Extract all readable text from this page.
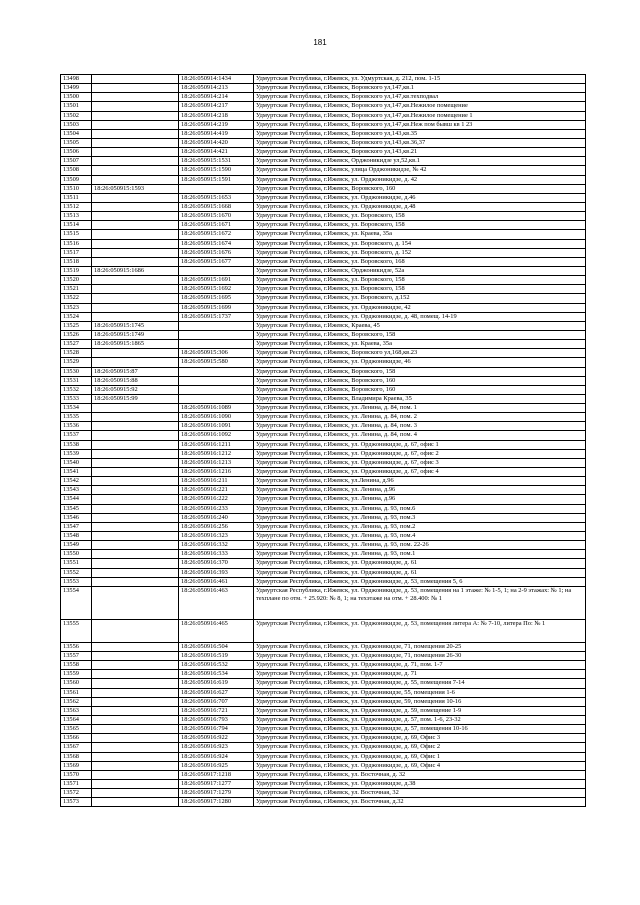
181
13498		18:26:050914:1434	Удмуртская Республика, г.Ижевск, ул. Удмуртская, д. 212, пом. 1-15
13499		18:26:050914:213	Удмуртская Республика, г.Ижевск, Воровского ул,147,кв.1
13500		18:26:050914:214	Удмуртская Республика, г.Ижевск, Воровского ул,147,кв.техподвал
13501		18:26:050914:217	Удмуртская Республика, г.Ижевск, Воровского ул,147,кв.Нежилое помещение
13502		18:26:050914:218	Удмуртская Республика, г.Ижевск, Воровского ул,147,кв.Нежилое помещение 1
13503		18:26:050914:219	Удмуртская Республика, г.Ижевск, Воровского ул,147,кв.Неж пом бывш кв 1 23
13504		18:26:050914:419	Удмуртская Республика, г.Ижевск, Воровского ул,143,кв.35
13505		18:26:050914:420	Удмуртская Республика, г.Ижевск, Воровского ул,143,кв.36,37
13506		18:26:050914:421	Удмуртская Республика, г.Ижевск, Воровского ул,143,кв.21
13507		18:26:050915:1531	Удмуртская Республика, г.Ижевск, Орджоникидзе ул,52,кв.1
13508		18:26:050915:1590	Удмуртская Республика, г.Ижевск, улица Орджоникидзе, № 42
13509		18:26:050915:1591	Удмуртская Республика, г.Ижевск, ул. Орджоникидзе, д. 42
13510	18:26:050915:1593		Удмуртская Республика, г.Ижевск, Воровского, 160
13511		18:26:050915:1653	Удмуртская Республика, г.Ижевск, ул. Орджоникидзе, д.46
13512		18:26:050915:1668	Удмуртская Республика, г.Ижевск, ул. Орджоникидзе, д.48
13513		18:26:050915:1670	Удмуртская Республика, г.Ижевск, ул. Воровского, 158
13514		18:26:050915:1671	Удмуртская Республика, г.Ижевск, ул. Воровского, 158
13515		18:26:050915:1672	Удмуртская Республика, г.Ижевск, ул. Краева, 35а
13516		18:26:050915:1674	Удмуртская Республика, г.Ижевск, ул. Воровского, д. 154
13517		18:26:050915:1676	Удмуртская Республика, г.Ижевск, ул. Воровского, д. 152
13518		18:26:050915:1677	Удмуртская Республика, г.Ижевск, ул. Воровского, 168
13519	18:26:050915:1686		Удмуртская Республика, г.Ижевск, Орджоникидзе, 52а
13520		18:26:050915:1691	Удмуртская Республика, г.Ижевск, ул. Воровского, 158
13521		18:26:050915:1692	Удмуртская Республика, г.Ижевск, ул. Воровского, 158
13522		18:26:050915:1695	Удмуртская Республика, г.Ижевск, ул. Воровского, д.152
13523		18:26:050915:1699	Удмуртская Республика, г.Ижевск, ул. Орджоникидзе, 42
13524		18:26:050915:1737	Удмуртская Республика, г.Ижевск, ул. Орджоникидзе, д. 48, помещ. 14-19
13525	18:26:050915:1745		Удмуртская Республика, г.Ижевск, Краева, 45
13526	18:26:050915:1749		Удмуртская Республика, г.Ижевск, Воровского, 158
13527	18:26:050915:1865		Удмуртская Республика, г.Ижевск, ул. Краева, 35а
13528		18:26:050915:306	Удмуртская Республика, г.Ижевск, Воровского ул,168,кв.23
13529		18:26:050915:580	Удмуртская Республика, г.Ижевск, ул. Орджоникидзе, 46
13530	18:26:050915:87		Удмуртская Республика, г.Ижевск, Воровского, 158
13531	18:26:050915:88		Удмуртская Республика, г.Ижевск, Воровского, 160
13532	18:26:050915:92		Удмуртская Республика, г.Ижевск, Воровского, 160
13533	18:26:050915:99		Удмуртская Республика, г.Ижевск, Владимира Краева, 35
13534		18:26:050916:1089	Удмуртская Республика, г.Ижевск, ул. Ленина, д. 84, пом. 1
13535		18:26:050916:1090	Удмуртская Республика, г.Ижевск, ул. Ленина, д. 84, пом. 2
13536		18:26:050916:1091	Удмуртская Республика, г.Ижевск, ул. Ленина, д. 84, пом. 3
13537		18:26:050916:1092	Удмуртская Республика, г.Ижевск, ул. Ленина, д. 84, пом. 4
13538		18:26:050916:1211	Удмуртская Республика, г.Ижевск, ул. Орджоникидзе, д. 67, офис 1
13539		18:26:050916:1212	Удмуртская Республика, г.Ижевск, ул. Орджоникидзе, д. 67, офис 2
13540		18:26:050916:1213	Удмуртская Республика, г.Ижевск, ул. Орджоникидзе, д. 67, офис 3
13541		18:26:050916:1216	Удмуртская Республика, г.Ижевск, ул. Орджоникидзе, д. 67, офис 4
13542		18:26:050916:211	Удмуртская Республика, г.Ижевск, ул.Ленина, д.96
13543		18:26:050916:221	Удмуртская Республика, г.Ижевск, ул. Ленина, д.96
13544		18:26:050916:222	Удмуртская Республика, г.Ижевск, ул. Ленина, д.96
13545		18:26:050916:233	Удмуртская Республика, г.Ижевск, ул. Ленина, д. 93, пом.6
13546		18:26:050916:240	Удмуртская Республика, г.Ижевск, ул. Ленина, д. 93, пом.3
13547		18:26:050916:256	Удмуртская Республика, г.Ижевск, ул. Ленина, д. 93, пом.2
13548		18:26:050916:323	Удмуртская Республика, г.Ижевск, ул. Ленина, д. 93, пом.4
13549		18:26:050916:332	Удмуртская Республика, г.Ижевск, ул. Ленина, д. 93, пом. 22-26
13550		18:26:050916:333	Удмуртская Республика, г.Ижевск, ул. Ленина, д. 93, пом.1
13551		18:26:050916:370	Удмуртская Республика, г.Ижевск, ул. Орджоникидзе, д. 61
13552		18:26:050916:393	Удмуртская Республика, г.Ижевск, ул. Орджоникидзе, д. 61
13553		18:26:050916:461	Удмуртская Республика, г.Ижевск, ул. Орджоникидзе, д. 53, помещения 5, 6
13554		18:26:050916:463	Удмуртская Республика, г.Ижевск, ул. Орджоникидзе, д. 53, помещения на 1 этаже: № 1-5, 1; на 2-9 этажах: № 1; на техплане по отм. + 25.920: № 8, 1; на техэтаже на отм. + 28.400: № 1
13555		18:26:050916:465	Удмуртская Республика, г.Ижевск, ул. Орджоникидзе, д. 53, помещения литера А: № 7-10, литера По: № 1
13556		18:26:050916:504	Удмуртская Республика, г.Ижевск, ул. Орджоникидзе, 71, помещения 20-25
13557		18:26:050916:519	Удмуртская Республика, г.Ижевск, ул. Орджоникидзе, 71, помещения 26-30
13558		18:26:050916:532	Удмуртская Республика, г.Ижевск, ул. Орджоникидзе, д. 71, пом. 1-7
13559		18:26:050916:534	Удмуртская Республика, г.Ижевск, ул. Орджоникидзе, д. 71
13560		18:26:050916:619	Удмуртская Республика, г.Ижевск, ул. Орджоникидзе, д. 55, помещения 7-14
13561		18:26:050916:627	Удмуртская Республика, г.Ижевск, ул. Орджоникидзе, 55, помещения 1-6
13562		18:26:050916:707	Удмуртская Республика, г.Ижевск, ул. Орджоникидзе, 59, помещения 10-16
13563		18:26:050916:721	Удмуртская Республика, г.Ижевск, ул. Орджоникидзе, д. 59, помещение 1-9
13564		18:26:050916:793	Удмуртская Республика, г.Ижевск, ул. Орджоникидзе, д. 57, пом. 1-6, 23-32
13565		18:26:050916:794	Удмуртская Республика, г.Ижевск, ул. Орджоникидзе, д. 57, помещения 10-16
13566		18:26:050916:922	Удмуртская Республика, г.Ижевск, ул. Орджоникидзе, д. 69, Офис 3
13567		18:26:050916:923	Удмуртская Республика, г.Ижевск, ул. Орджоникидзе, д. 69, Офис 2
13568		18:26:050916:924	Удмуртская Республика, г.Ижевск, ул. Орджоникидзе, д. 69, Офис 1
13569		18:26:050916:925	Удмуртская Республика, г.Ижевск, ул. Орджоникидзе, д. 69, Офис 4
13570		18:26:050917:1218	Удмуртская Республика, г.Ижевск, ул. Восточная, д. 32
13571		18:26:050917:1277	Удмуртская Республика, г.Ижевск, ул. Орджоникидзе, д.38
13572		18:26:050917:1279	Удмуртская Республика, г.Ижевск, ул. Восточная, 32
13573		18:26:050917:1280	Удмуртская Республика, г.Ижевск, ул. Восточная, д.32
